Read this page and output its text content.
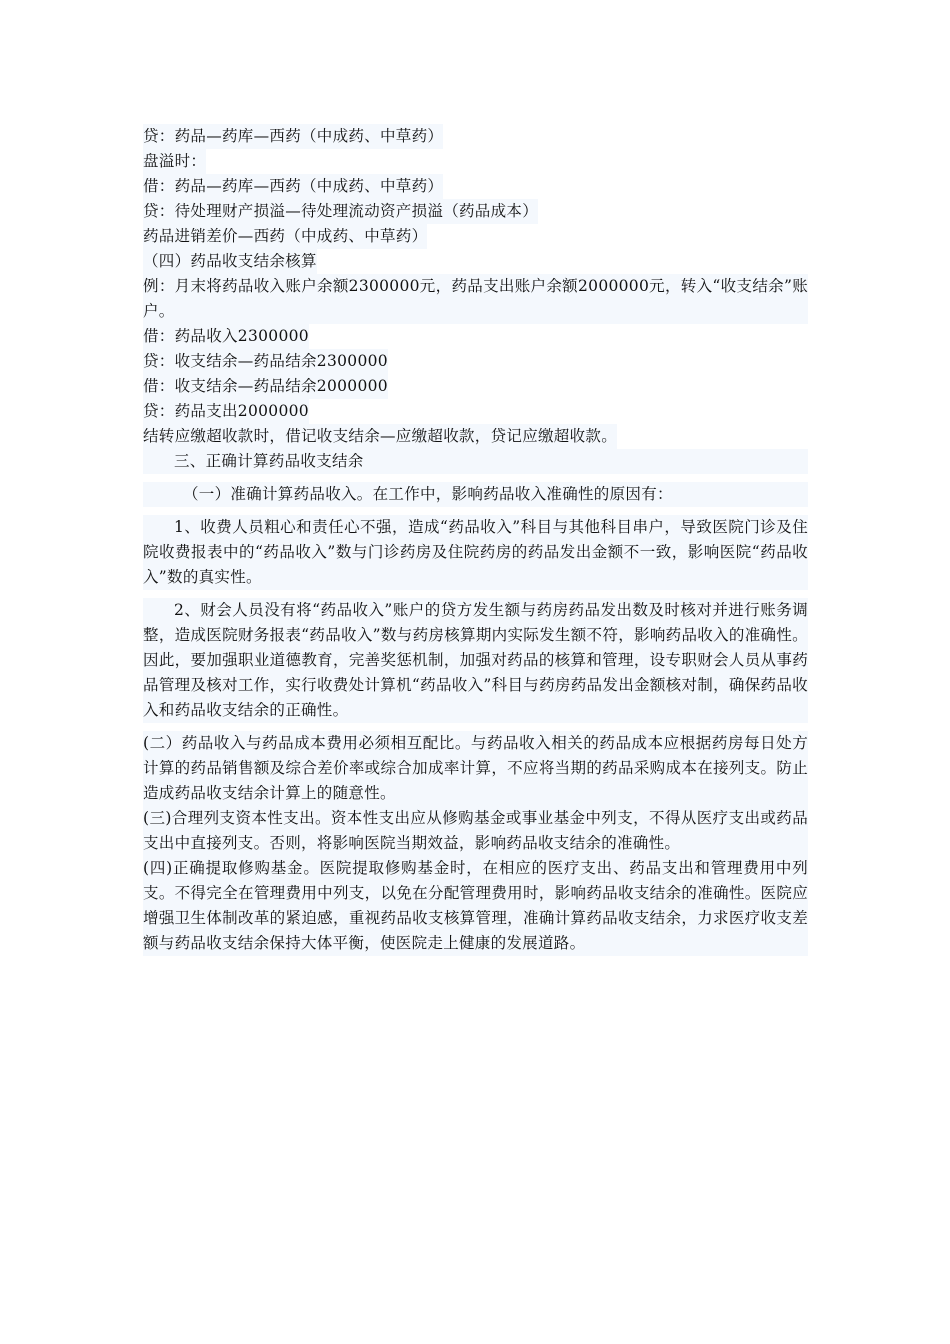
贷：药品—药库—西药（中成药、中草药）
盘溢时：
借：药品—药库—西药（中成药、中草药）
贷：待处理财产损溢—待处理流动资产损溢（药品成本）
药品进销差价—西药（中成药、中草药）
（四）药品收支结余核算
例：月末将药品收入账户余额2300000元，药品支出账户余额2000000元，转入“收支结余”账户。
借：药品收入2300000
贷：收支结余—药品结余2300000
借：收支结余—药品结余2000000
贷：药品支出2000000
结转应缴超收款时，借记收支结余—应缴超收款，贷记应缴超收款。
三、正确计算药品收支结余
（一）准确计算药品收入。在工作中，影响药品收入准确性的原因有：
1、收费人员粗心和责任心不强，造成“药品收入”科目与其他科目串户，导致医院门诊及住院收费报表中的“药品收入”数与门诊药房及住院药房的药品发出金额不一致，影响医院“药品收入”数的真实性。
2、财会人员没有将“药品收入”账户的贷方发生额与药房药品发出数及时核对并进行账务调整，造成医院财务报表“药品收入”数与药房核算期内实际发生额不符，影响药品收入的准确性。因此，要加强职业道德教育，完善奖惩机制，加强对药品的核算和管理，设专职财会人员从事药品管理及核对工作，实行收费处计算机“药品收入”科目与药房药品发出金额核对制，确保药品收入和药品收支结余的正确性。
(二）药品收入与药品成本费用必须相互配比。与药品收入相关的药品成本应根据药房每日处方计算的药品销售额及综合差价率或综合加成率计算，不应将当期的药品采购成本在接列支。防止造成药品收支结余计算上的随意性。
(三)合理列支资本性支出。资本性支出应从修购基金或事业基金中列支，不得从医疗支出或药品支出中直接列支。否则，将影响医院当期效益，影响药品收支结余的准确性。
(四)正确提取修购基金。医院提取修购基金时，在相应的医疗支出、药品支出和管理费用中列支。不得完全在管理费用中列支，以免在分配管理费用时，影响药品收支结余的准确性。医院应增强卫生体制改革的紧迫感，重视药品收支核算管理，准确计算药品收支结余，力求医疗收支差额与药品收支结余保持大体平衡，使医院走上健康的发展道路。
